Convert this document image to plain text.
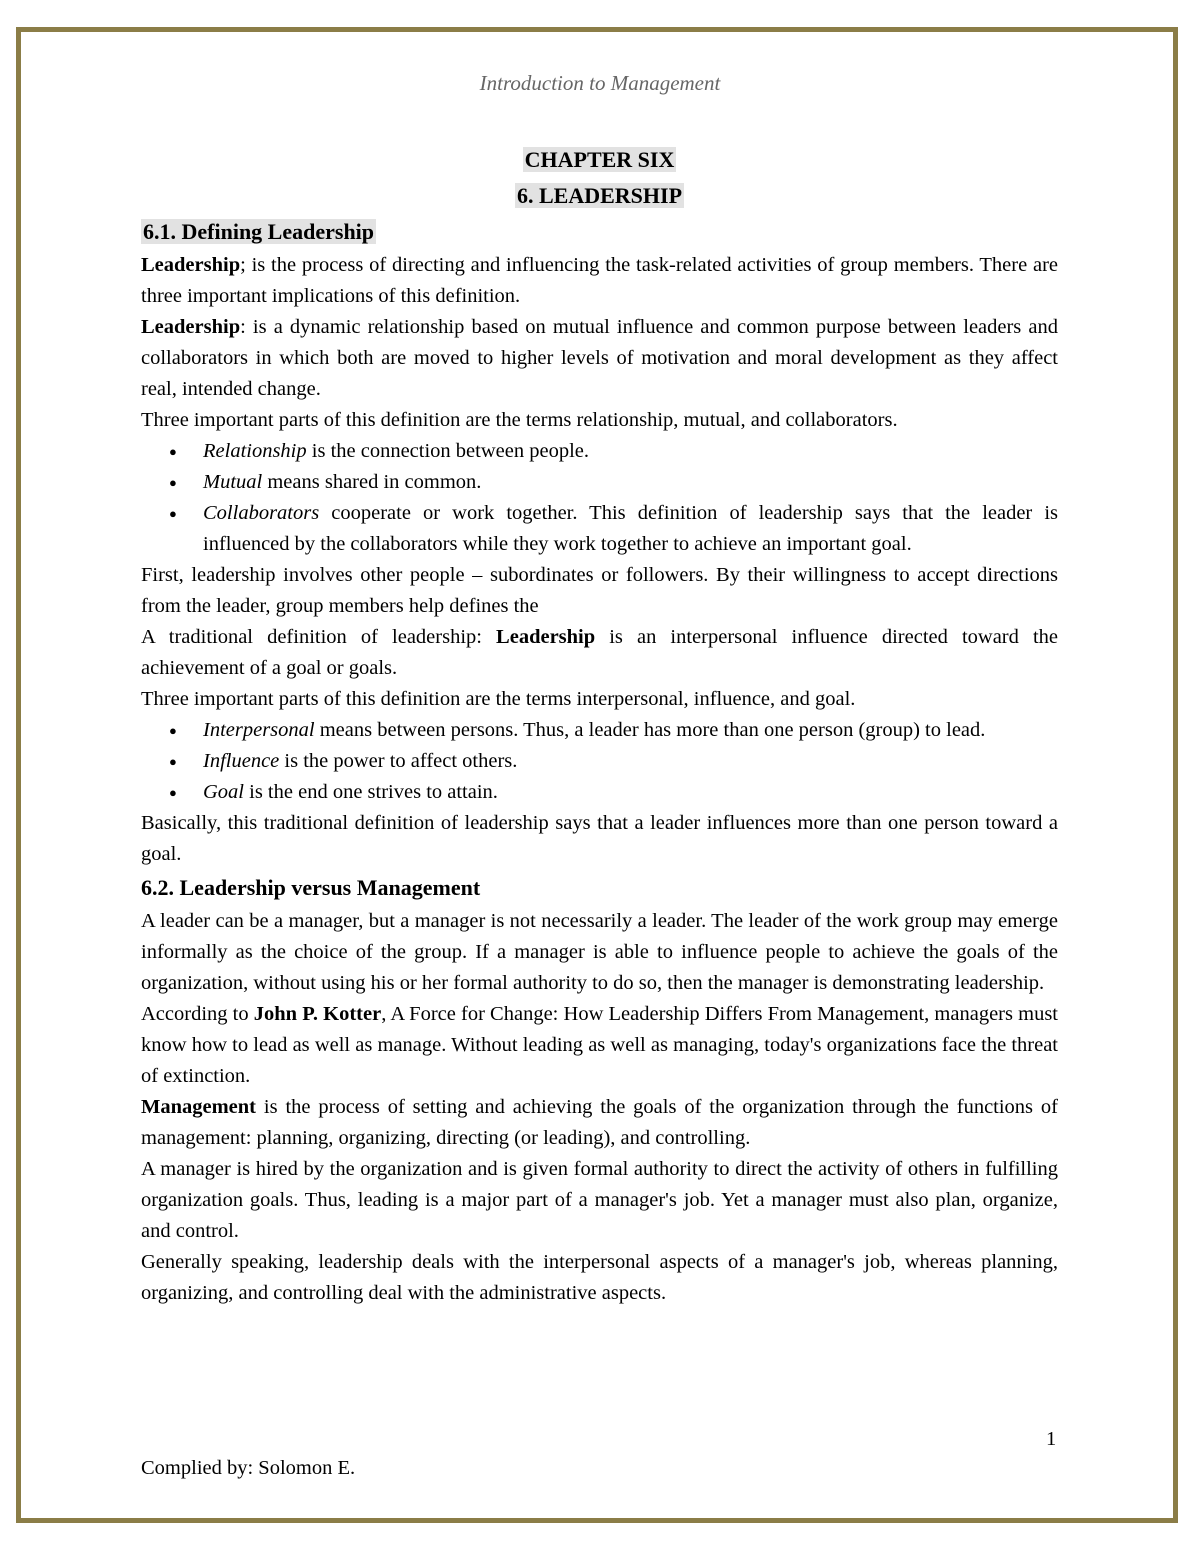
Introduction to Management
CHAPTER SIX
6. LEADERSHIP
6.1. Defining Leadership

Leadership; is the process of directing and influencing the task-related activities of group members. There are three important implications of this definition.

Leadership: is a dynamic relationship based on mutual influence and common purpose between leaders and collaborators in which both are moved to higher levels of motivation and moral development as they affect real, intended change.

Three important parts of this definition are the terms relationship, mutual, and collaborators.

● Relationship is the connection between people.
● Mutual means shared in common.
● Collaborators cooperate or work together. This definition of leadership says that the leader is influenced by the collaborators while they work together to achieve an important goal.

First, leadership involves other people – subordinates or followers. By their willingness to accept directions from the leader, group members help defines the

A traditional definition of leadership: Leadership is an interpersonal influence directed toward the achievement of a goal or goals.

Three important parts of this definition are the terms interpersonal, influence, and goal.

● Interpersonal means between persons. Thus, a leader has more than one person (group) to lead.
● Influence is the power to affect others.
● Goal is the end one strives to attain.

Basically, this traditional definition of leadership says that a leader influences more than one person toward a goal.

6.2. Leadership versus Management

A leader can be a manager, but a manager is not necessarily a leader. The leader of the work group may emerge informally as the choice of the group. If a manager is able to influence people to achieve the goals of the organization, without using his or her formal authority to do so, then the manager is demonstrating leadership.

According to John P. Kotter, A Force for Change: How Leadership Differs From Management, managers must know how to lead as well as manage. Without leading as well as managing, today's organizations face the threat of extinction.

Management is the process of setting and achieving the goals of the organization through the functions of management: planning, organizing, directing (or leading), and controlling.

A manager is hired by the organization and is given formal authority to direct the activity of others in fulfilling organization goals. Thus, leading is a major part of a manager's job. Yet a manager must also plan, organize, and control.

Generally speaking, leadership deals with the interpersonal aspects of a manager's job, whereas planning, organizing, and controlling deal with the administrative aspects.

1
Complied by: Solomon E.
